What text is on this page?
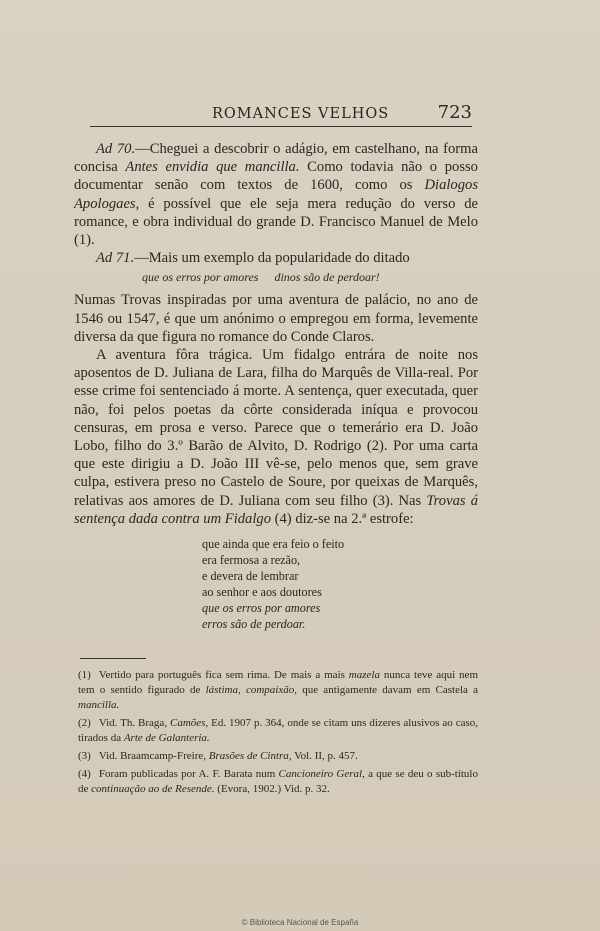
ROMANCES VELHOS	723

Ad 70.—Cheguei a descobrir o adágio, em castelhano, na forma concisa Antes envidia que mancilla. Como todavia não o posso documentar senão com textos de 1600, como os Dialogos Apologaes, é possível que ele seja mera redução do verso de romance, e obra individual do grande D. Francisco Manuel de Melo (1).

Ad 71.—Mais um exemplo da popularidade do ditado

que os erros por amores dinos são de perdoar!

Numas Trovas inspiradas por uma aventura de palácio, no ano de 1546 ou 1547, é que um anónimo o empregou em forma, levemente diversa da que figura no romance do Conde Claros.

A aventura fôra trágica. Um fidalgo entrára de noite nos aposentos de D. Juliana de Lara, filha do Marquês de Villa-real. Por esse crime foi sentenciado á morte. A sentença, quer executada, quer não, foi pelos poetas da côrte considerada iníqua e provocou censuras, em prosa e verso. Parece que o temerário era D. João Lobo, filho do 3.º Barão de Alvito, D. Rodrigo (2). Por uma carta que este dirigiu a D. João III vê-se, pelo menos que, sem grave culpa, estivera preso no Castelo de Soure, por queixas de Marquês, relativas aos amores de D. Juliana com seu filho (3). Nas Trovas á sentença dada contra um Fidalgo (4) diz-se na 2.ª estrofe:

que ainda que era feio o feito
era fermosa a rezão,
e devera de lembrar
ao senhor e aos doutores
que os erros por amores
erros são de perdoar.

(1) Vertido para português fica sem rima. De mais a mais mazela nunca teve aqui nem tem o sentido figurado de lástima, compaixão, que antigamente davam em Castela a mancilla.

(2) Vid. Th. Braga, Camões, Ed. 1907 p. 364, onde se citam uns dizeres alusivos ao caso, tirados da Arte de Galanteria.

(3) Vid. Braamcamp-Freire, Brasões de Cintra, Vol. II, p. 457.

(4) Foram publicadas por A. F. Barata num Cancioneiro Geral, a que se deu o sub-título de continuação ao de Resende. (Evora, 1902.) Vid. p. 32.

© Biblioteca Nacional de España
